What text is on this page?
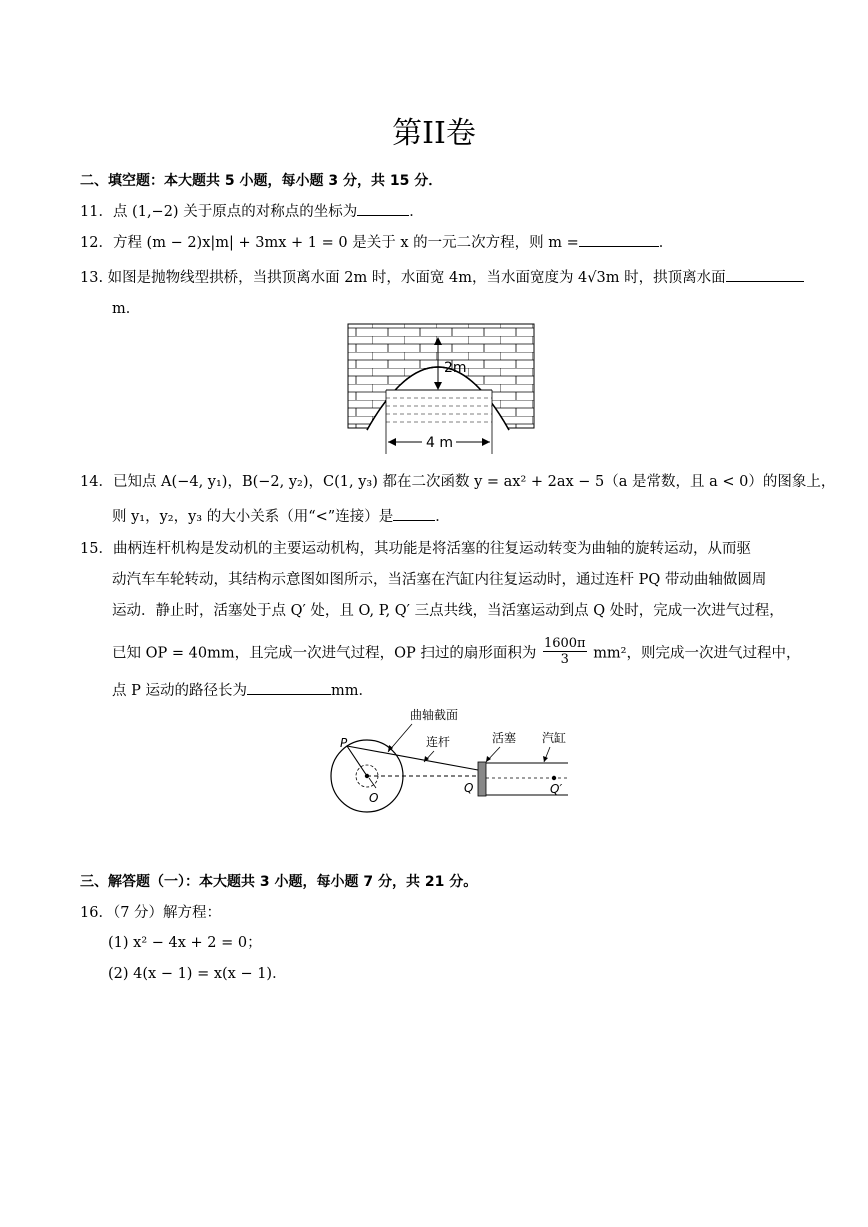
第II卷
二、填空题：本大题共 5 小题，每小题 3 分，共 15 分．
11．点 (1,−2) 关于原点的对称点的坐标为	．
12．方程 (m − 2)x|m| + 3mx + 1 = 0 是关于 x 的一元二次方程，则 m =	．
13. 如图是抛物线型拱桥，当拱顶离水面 2m 时，水面宽 4m，当水面宽度为 4√3m 时，拱顶离水面
m．
2m
4 m
14．已知点 A(−4, y₁)，B(−2, y₂)，C(1, y₃) 都在二次函数 y = ax² + 2ax − 5（a 是常数，且 a < 0）的图象上，
则 y₁，y₂，y₃ 的大小关系（用“<”连接）是	．
15．曲柄连杆机构是发动机的主要运动机构，其功能是将活塞的往复运动转变为曲轴的旋转运动，从而驱
动汽车车轮转动，其结构示意图如图所示，当活塞在汽缸内往复运动时，通过连杆 PQ 带动曲轴做圆周
运动．静止时，活塞处于点 Q′ 处，且 O, P, Q′ 三点共线，当活塞运动到点 Q 处时，完成一次进气过程，
已知 OP = 40mm，且完成一次进气过程，OP 扫过的扇形面积为 $\frac{1600\pi}{3} mm^2$，则完成一次进气过程中，
点 P 运动的路径长为	mm．
曲轴截面
连杆	活塞 汽缸
P
O
Q	Q′
三、解答题（一）：本大题共 3 小题，每小题 7 分，共 21 分。
16．（7 分）解方程：
(1) x² − 4x + 2 = 0；
(2) 4(x − 1) = x(x − 1)．
